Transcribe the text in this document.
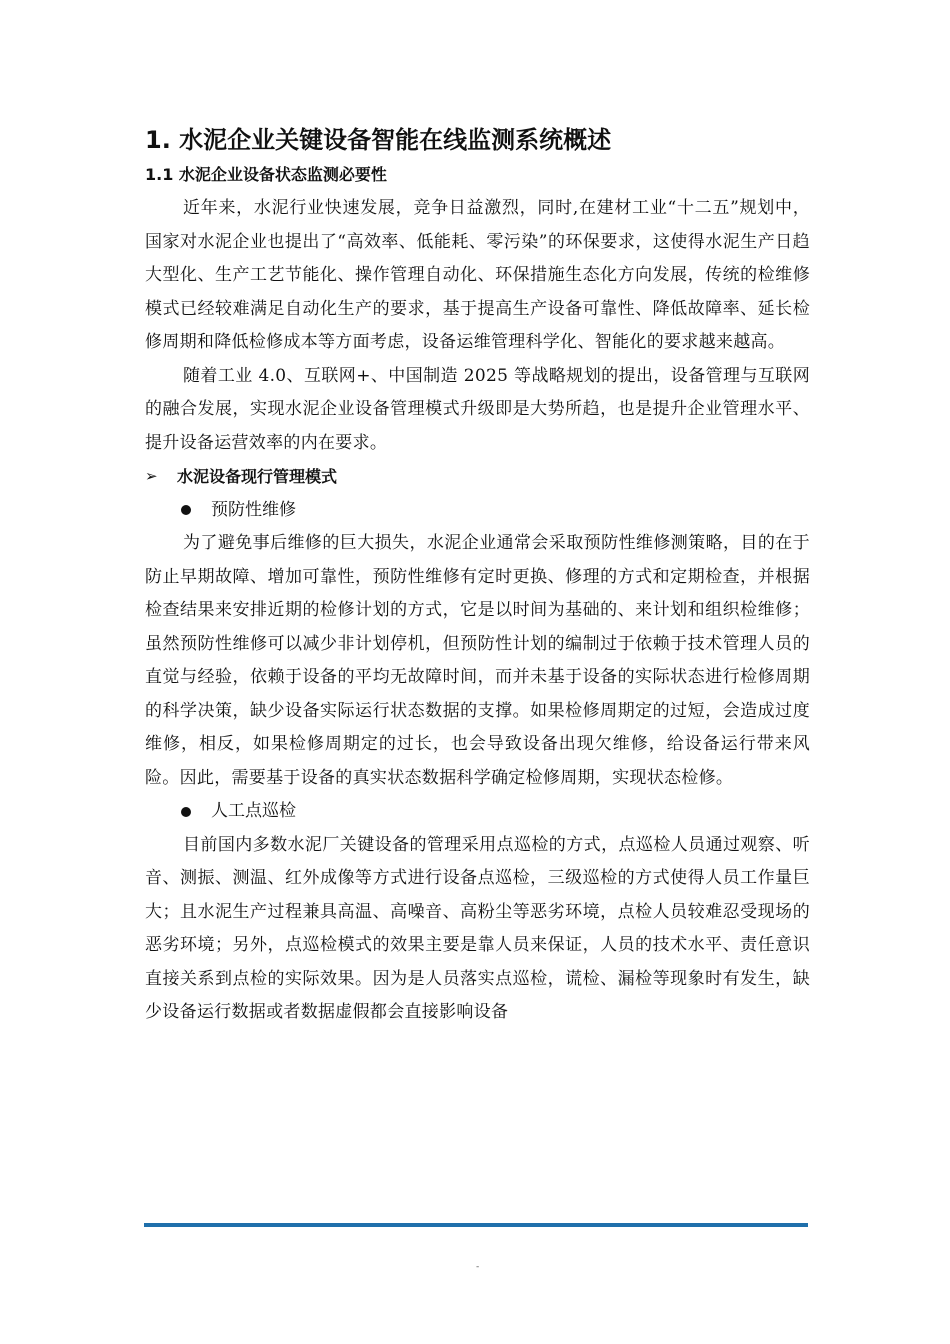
1. 水泥企业关键设备智能在线监测系统概述
1.1 水泥企业设备状态监测必要性

近年来，水泥行业快速发展，竞争日益激烈，同时,在建材工业“十二五”规划中，国家对水泥企业也提出了“高效率、低能耗、零污染”的环保要求，这使得水泥生产日趋大型化、生产工艺节能化、操作管理自动化、环保措施生态化方向发展，传统的检维修模式已经较难满足自动化生产的要求，基于提高生产设备可靠性、降低故障率、延长检修周期和降低检修成本等方面考虑，设备运维管理科学化、智能化的要求越来越高。

随着工业 4.0、互联网+、中国制造 2025 等战略规划的提出，设备管理与互联网的融合发展，实现水泥企业设备管理模式升级即是大势所趋，也是提升企业管理水平、提升设备运营效率的内在要求。

➢	水泥设备现行管理模式
预防性维修

为了避免事后维修的巨大损失，水泥企业通常会采取预防性维修测策略，目的在于防止早期故障、增加可靠性，预防性维修有定时更换、修理的方式和定期检查，并根据检查结果来安排近期的检修计划的方式，它是以时间为基础的、来计划和组织检维修；虽然预防性维修可以减少非计划停机，但预防性计划的编制过于依赖于技术管理人员的直觉与经验，依赖于设备的平均无故障时间，而并未基于设备的实际状态进行检修周期的科学决策，缺少设备实际运行状态数据的支撑。如果检修周期定的过短，会造成过度维修，相反，如果检修周期定的过长，也会导致设备出现欠维修，给设备运行带来风险。因此，需要基于设备的真实状态数据科学确定检修周期，实现状态检修。

人工点巡检

目前国内多数水泥厂关键设备的管理采用点巡检的方式，点巡检人员通过观察、听音、测振、测温、红外成像等方式进行设备点巡检，三级巡检的方式使得人员工作量巨大；且水泥生产过程兼具高温、高噪音、高粉尘等恶劣环境，点检人员较难忍受现场的恶劣环境；另外，点巡检模式的效果主要是靠人员来保证，人员的技术水平、责任意识直接关系到点检的实际效果。因为是人员落实点巡检，谎检、漏检等现象时有发生，缺少设备运行数据或者数据虚假都会直接影响设备

-
